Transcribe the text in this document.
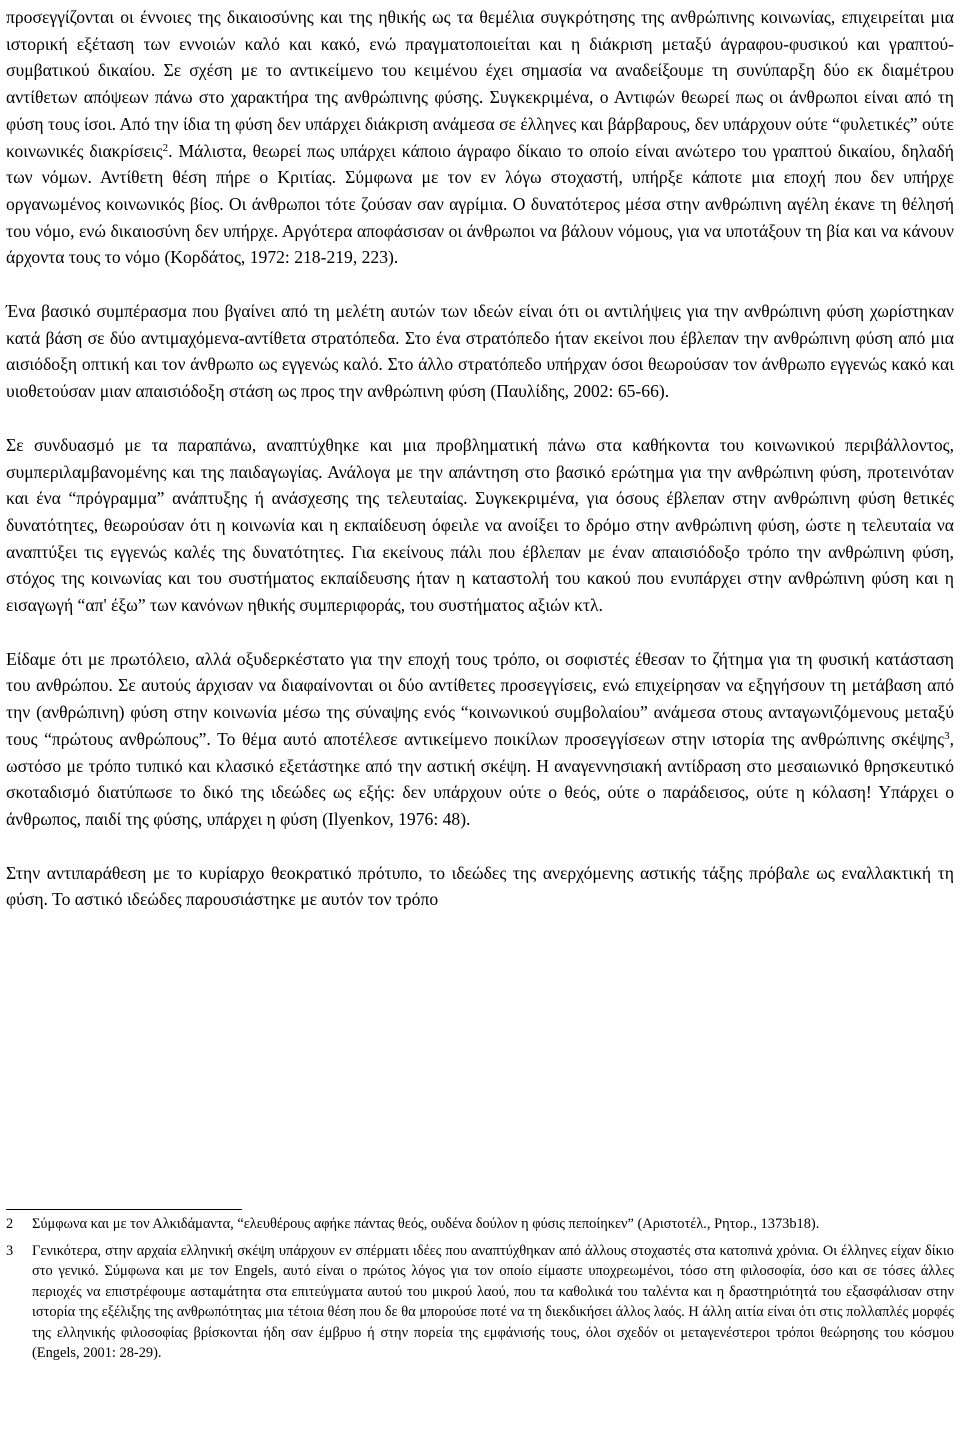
προσεγγίζονται οι έννοιες της δικαιοσύνης και της ηθικής ως τα θεμέλια συγκρότησης της ανθρώπινης κοινωνίας, επιχειρείται μια ιστορική εξέταση των εννοιών καλό και κακό, ενώ πραγματοποιείται και η διάκριση μεταξύ άγραφου-φυσικού και γραπτού-συμβατικού δικαίου. Σε σχέση με το αντικείμενο του κειμένου έχει σημασία να αναδείξουμε τη συνύπαρξη δύο εκ διαμέτρου αντίθετων απόψεων πάνω στο χαρακτήρα της ανθρώπινης φύσης. Συγκεκριμένα, ο Αντιφών θεωρεί πως οι άνθρωποι είναι από τη φύση τους ίσοι. Από την ίδια τη φύση δεν υπάρχει διάκριση ανάμεσα σε έλληνες και βάρβαρους, δεν υπάρχουν ούτε “φυλετικές” ούτε κοινωνικές διακρίσεις$^2$. Μάλιστα, θεωρεί πως υπάρχει κάποιο άγραφο δίκαιο το οποίο είναι ανώτερο του γραπτού δικαίου, δηλαδή των νόμων. Αντίθετη θέση πήρε ο Κριτίας. Σύμφωνα με τον εν λόγω στοχαστή, υπήρξε κάποτε μια εποχή που δεν υπήρχε οργανωμένος κοινωνικός βίος. Οι άνθρωποι τότε ζούσαν σαν αγρίμια. Ο δυνατότερος μέσα στην ανθρώπινη αγέλη έκανε τη θέλησή του νόμο, ενώ δικαιοσύνη δεν υπήρχε. Αργότερα αποφάσισαν οι άνθρωποι να βάλουν νόμους, για να υποτάξουν τη βία και να κάνουν άρχοντα τους το νόμο (Κορδάτος, 1972: 218-219, 223).

Ένα βασικό συμπέρασμα που βγαίνει από τη μελέτη αυτών των ιδεών είναι ότι οι αντιλήψεις για την ανθρώπινη φύση χωρίστηκαν κατά βάση σε δύο αντιμαχόμενα-αντίθετα στρατόπεδα. Στο ένα στρατόπεδο ήταν εκείνοι που έβλεπαν την ανθρώπινη φύση από μια αισιόδοξη οπτική και τον άνθρωπο ως εγγενώς καλό. Στο άλλο στρατόπεδο υπήρχαν όσοι θεωρούσαν τον άνθρωπο εγγενώς κακό και υιοθετούσαν μιαν απαισιόδοξη στάση ως προς την ανθρώπινη φύση (Παυλίδης, 2002: 65-66).

Σε συνδυασμό με τα παραπάνω, αναπτύχθηκε και μια προβληματική πάνω στα καθήκοντα του κοινωνικού περιβάλλοντος, συμπεριλαμβανομένης και της παιδαγωγίας. Ανάλογα με την απάντηση στο βασικό ερώτημα για την ανθρώπινη φύση, προτεινόταν και ένα “πρόγραμμα” ανάπτυξης ή ανάσχεσης της τελευταίας. Συγκεκριμένα, για όσους έβλεπαν στην ανθρώπινη φύση θετικές δυνατότητες, θεωρούσαν ότι η κοινωνία και η εκπαίδευση όφειλε να ανοίξει το δρόμο στην ανθρώπινη φύση, ώστε η τελευταία να αναπτύξει τις εγγενώς καλές της δυνατότητες. Για εκείνους πάλι που έβλεπαν με έναν απαισιόδοξο τρόπο την ανθρώπινη φύση, στόχος της κοινωνίας και του συστήματος εκπαίδευσης ήταν η καταστολή του κακού που ενυπάρχει στην ανθρώπινη φύση και η εισαγωγή “απ' έξω” των κανόνων ηθικής συμπεριφοράς, του συστήματος αξιών κτλ.

Είδαμε ότι με πρωτόλειο, αλλά οξυδερκέστατο για την εποχή τους τρόπο, οι σοφιστές έθεσαν το ζήτημα για τη φυσική κατάσταση του ανθρώπου. Σε αυτούς άρχισαν να διαφαίνονται οι δύο αντίθετες προσεγγίσεις, ενώ επιχείρησαν να εξηγήσουν τη μετάβαση από την (ανθρώπινη) φύση στην κοινωνία μέσω της σύναψης ενός “κοινωνικού συμβολαίου” ανάμεσα στους ανταγωνιζόμενους μεταξύ τους “πρώτους ανθρώπους”. Το θέμα αυτό αποτέλεσε αντικείμενο ποικίλων προσεγγίσεων στην ιστορία της ανθρώπινης σκέψης$^3$, ωστόσο με τρόπο τυπικό και κλασικό εξετάστηκε από την αστική σκέψη. Η αναγεννησιακή αντίδραση στο μεσαιωνικό θρησκευτικό σκοταδισμό διατύπωσε το δικό της ιδεώδες ως εξής: δεν υπάρχουν ούτε ο θεός, ούτε ο παράδεισος, ούτε η κόλαση! Υπάρχει ο άνθρωπος, παιδί της φύσης, υπάρχει η φύση (Ilyenkov, 1976: 48).

Στην αντιπαράθεση με το κυρίαρχο θεοκρατικό πρότυπο, το ιδεώδες της ανερχόμενης αστικής τάξης πρόβαλε ως εναλλακτική τη φύση. Το αστικό ιδεώδες παρουσιάστηκε με αυτόν τον τρόπο

2	Σύμφωνα και με τον Αλκιδάμαντα, “ελευθέρους αφήκε πάντας θεός, ουδένα δούλον η φύσις πεποίηκεν” (Αριστοτέλ., Ρητορ., 1373b18).
3	Γενικότερα, στην αρχαία ελληνική σκέψη υπάρχουν εν σπέρματι ιδέες που αναπτύχθηκαν από άλλους στοχαστές στα κατοπινά χρόνια. Οι έλληνες είχαν δίκιο στο γενικό. Σύμφωνα και με τον Engels, αυτό είναι ο πρώτος λόγος για τον οποίο είμαστε υποχρεωμένοι, τόσο στη φιλοσοφία, όσο και σε τόσες άλλες περιοχές να επιστρέφουμε ασταμάτητα στα επιτεύγματα αυτού του μικρού λαού, που τα καθολικά του ταλέντα και η δραστηριότητά του εξασφάλισαν στην ιστορία της εξέλιξης της ανθρωπότητας μια τέτοια θέση που δε θα μπορούσε ποτέ να τη διεκδικήσει άλλος λαός. Η άλλη αιτία είναι ότι στις πολλαπλές μορφές της ελληνικής φιλοσοφίας βρίσκονται ήδη σαν έμβρυο ή στην πορεία της εμφάνισής τους, όλοι σχεδόν οι μεταγενέστεροι τρόποι θεώρησης του κόσμου (Engels, 2001: 28-29).
